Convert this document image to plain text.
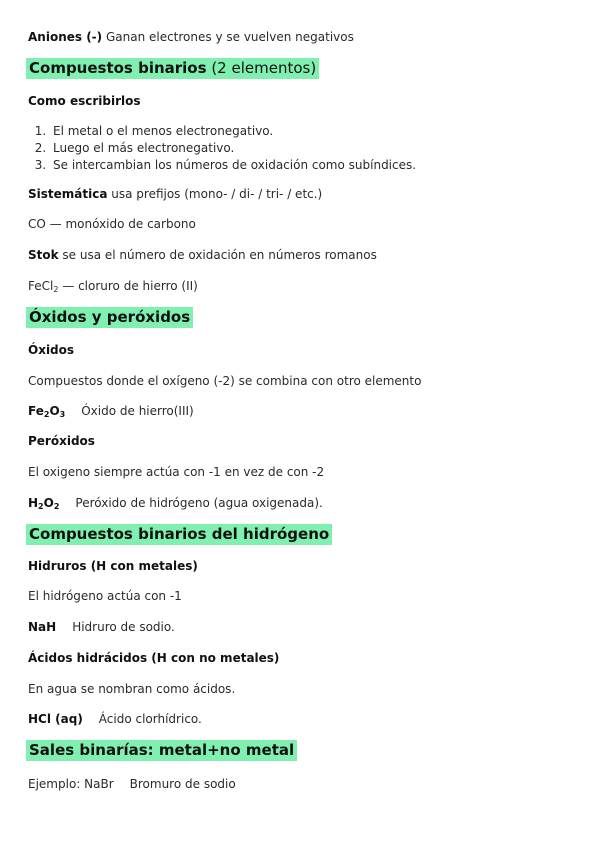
Aniones (-) Ganan electrones y se vuelven negativos
Compuestos binarios (2 elementos)
Como escribirlos
1. El metal o el menos electronegativo.
2. Luego el más electronegativo.
3. Se intercambian los números de oxidación como subíndices.
Sistemática usa prefijos (mono- / di- / tri- / etc.)
CO — monóxido de carbono
Stok se usa el número de oxidación en números romanos
FeCl$_2$ — cloruro de hierro (II)
Óxidos y peróxidos
Óxidos
Compuestos donde el oxígeno (-2) se combina con otro elemento
$Fe_2O_3$ Óxido de hierro(III)
Peróxidos
El oxigeno siempre actúa con -1 en vez de con -2
$H_2O_2$ Peróxido de hidrógeno (agua oxigenada).
Compuestos binarios del hidrógeno
Hidruros (H con metales)
El hidrógeno actúa con -1
NaH Hidruro de sodio.
Ácidos hidrácidos (H con no metales)
En agua se nombran como ácidos.
HCl (aq) Ácido clorhídrico.
Sales binarías: metal+no metal
Ejemplo: NaBr Bromuro de sodio
